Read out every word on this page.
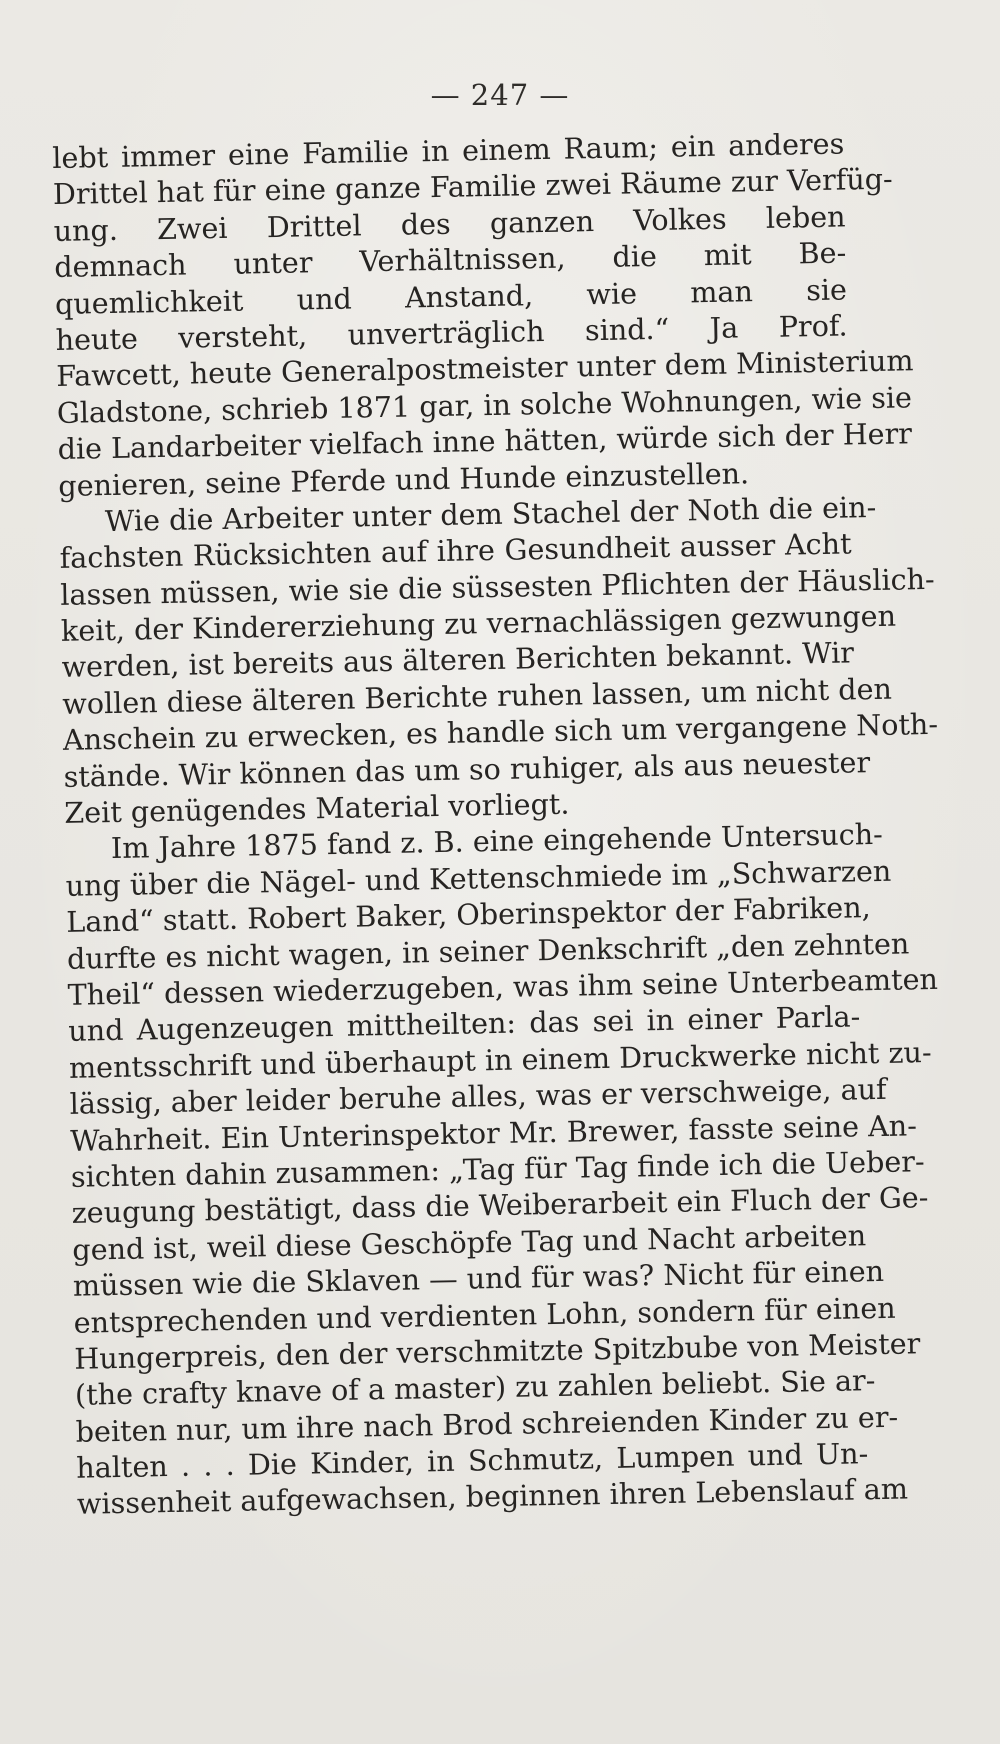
— 247 —
lebt immer eine Familie in einem Raum; ein anderes
Drittel hat für eine ganze Familie zwei Räume zur Verfüg-
ung. Zwei Drittel des ganzen Volkes leben
demnach unter Verhältnissen, die mit Be-
quemlichkeit und Anstand, wie man sie
heute versteht, unverträglich sind.“ Ja Prof.
Fawcett, heute Generalpostmeister unter dem Ministerium
Gladstone, schrieb 1871 gar, in solche Wohnungen, wie sie
die Landarbeiter vielfach inne hätten, würde sich der Herr
genieren, seine Pferde und Hunde einzustellen.
Wie die Arbeiter unter dem Stachel der Noth die ein-
fachsten Rücksichten auf ihre Gesundheit ausser Acht
lassen müssen, wie sie die süssesten Pflichten der Häuslich-
keit, der Kindererziehung zu vernachlässigen gezwungen
werden, ist bereits aus älteren Berichten bekannt. Wir
wollen diese älteren Berichte ruhen lassen, um nicht den
Anschein zu erwecken, es handle sich um vergangene Noth-
stände. Wir können das um so ruhiger, als aus neuester
Zeit genügendes Material vorliegt.
Im Jahre 1875 fand z. B. eine eingehende Untersuch-
ung über die Nägel- und Kettenschmiede im „Schwarzen
Land“ statt. Robert Baker, Oberinspektor der Fabriken,
durfte es nicht wagen, in seiner Denkschrift „den zehnten
Theil“ dessen wiederzugeben, was ihm seine Unterbeamten
und Augenzeugen mittheilten: das sei in einer Parla-
mentsschrift und überhaupt in einem Druckwerke nicht zu-
lässig, aber leider beruhe alles, was er verschweige, auf
Wahrheit. Ein Unterinspektor Mr. Brewer, fasste seine An-
sichten dahin zusammen: „Tag für Tag finde ich die Ueber-
zeugung bestätigt, dass die Weiberarbeit ein Fluch der Ge-
gend ist, weil diese Geschöpfe Tag und Nacht arbeiten
müssen wie die Sklaven — und für was? Nicht für einen
entsprechenden und verdienten Lohn, sondern für einen
Hungerpreis, den der verschmitzte Spitzbube von Meister
(the crafty knave of a master) zu zahlen beliebt. Sie ar-
beiten nur, um ihre nach Brod schreienden Kinder zu er-
halten . . . Die Kinder, in Schmutz, Lumpen und Un-
wissenheit aufgewachsen, beginnen ihren Lebenslauf am
